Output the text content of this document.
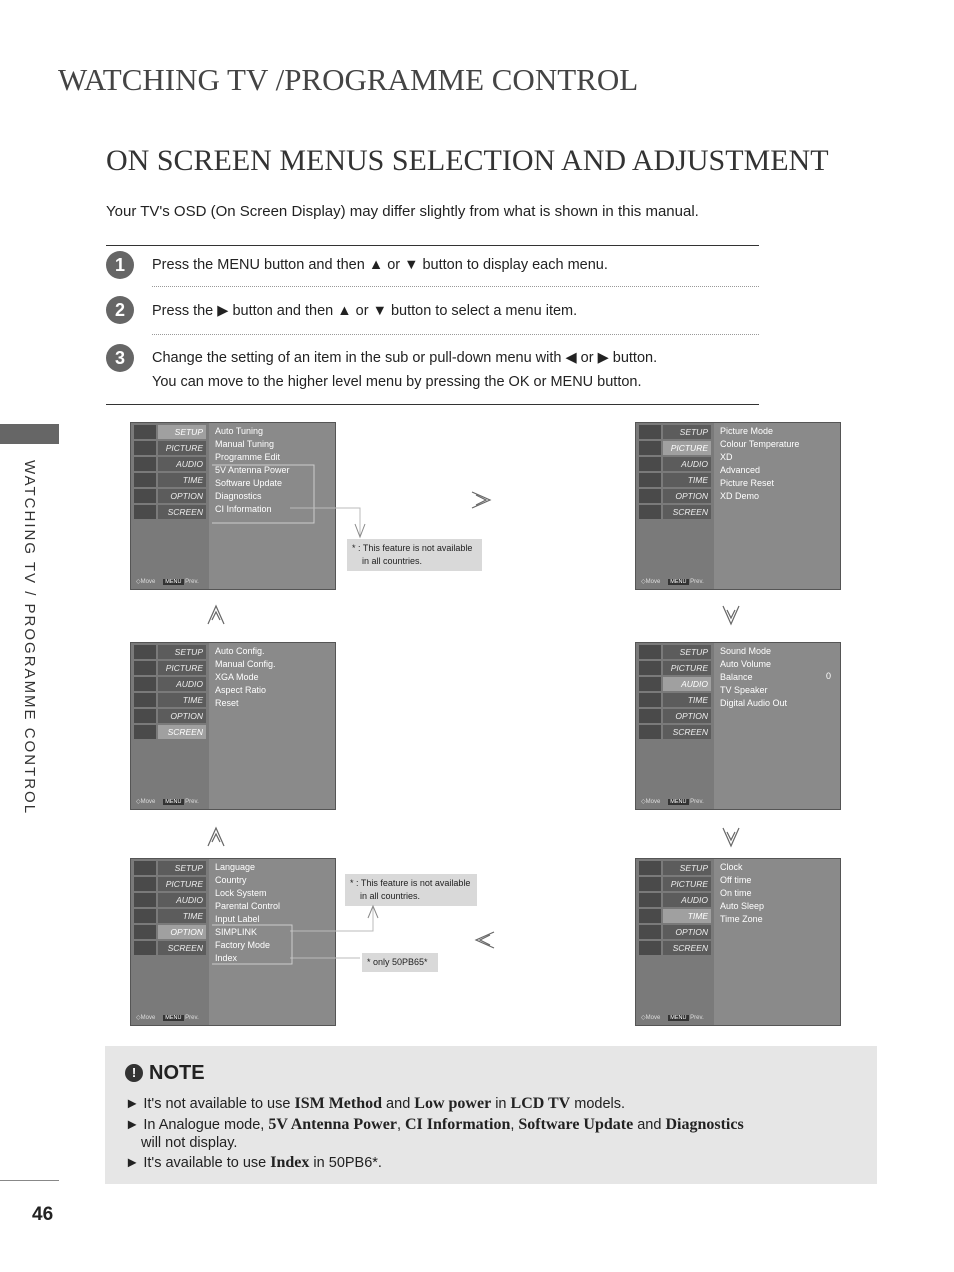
WATCHING TV /PROGRAMME CONTROL
ON SCREEN MENUS SELECTION AND ADJUSTMENT
Your TV's OSD (On Screen Display) may differ slightly from what is shown in this manual.
WATCHING TV / PROGRAMME CONTROL
46
1	Press the MENU button and then ▲ or ▼ button to display each menu.
2	Press the ▶ button and then ▲ or ▼ button to select a menu item.
3	Change the setting of an item in the sub or pull-down menu with ◀ or ▶ button.
You can move to the higher level menu by pressing the OK or MENU button.
SETUP
PICTURE
AUDIO
TIME
OPTION
SCREEN
Auto Tuning
Manual Tuning
Programme Edit
5V Antenna Power
Software Update
Diagnostics
CI Information
◇Move MENU Prev.
SETUP
PICTURE
AUDIO
TIME
OPTION
SCREEN
Picture Mode
Colour Temperature
XD
Advanced
Picture Reset
XD Demo
◇Move MENU Prev.
SETUP
PICTURE
AUDIO
TIME
OPTION
SCREEN
Auto Config.
Manual Config.
XGA Mode
Aspect Ratio
Reset
◇Move MENU Prev.
SETUP
PICTURE
AUDIO
TIME
OPTION
SCREEN
Sound Mode
Auto Volume
Balance
TV Speaker
Digital Audio Out
0
◇Move MENU Prev.
SETUP
PICTURE
AUDIO
TIME
OPTION
SCREEN
Language
Country
Lock System
Parental Control
Input Label
SIMPLINK
Factory Mode
Index
◇Move MENU Prev.
SETUP
PICTURE
AUDIO
TIME
OPTION
SCREEN
Clock
Off time
On time
Auto Sleep
Time Zone
◇Move MENU Prev.
* : This feature is not available
in all countries.
* : This feature is not available
in all countries.
* only 50PB65*
! NOTE
► It's not available to use ISM Method and Low power in LCD TV models.
► In Analogue mode, 5V Antenna Power, CI Information, Software Update and Diagnostics
will not display.
► It's available to use Index in 50PB6*.
